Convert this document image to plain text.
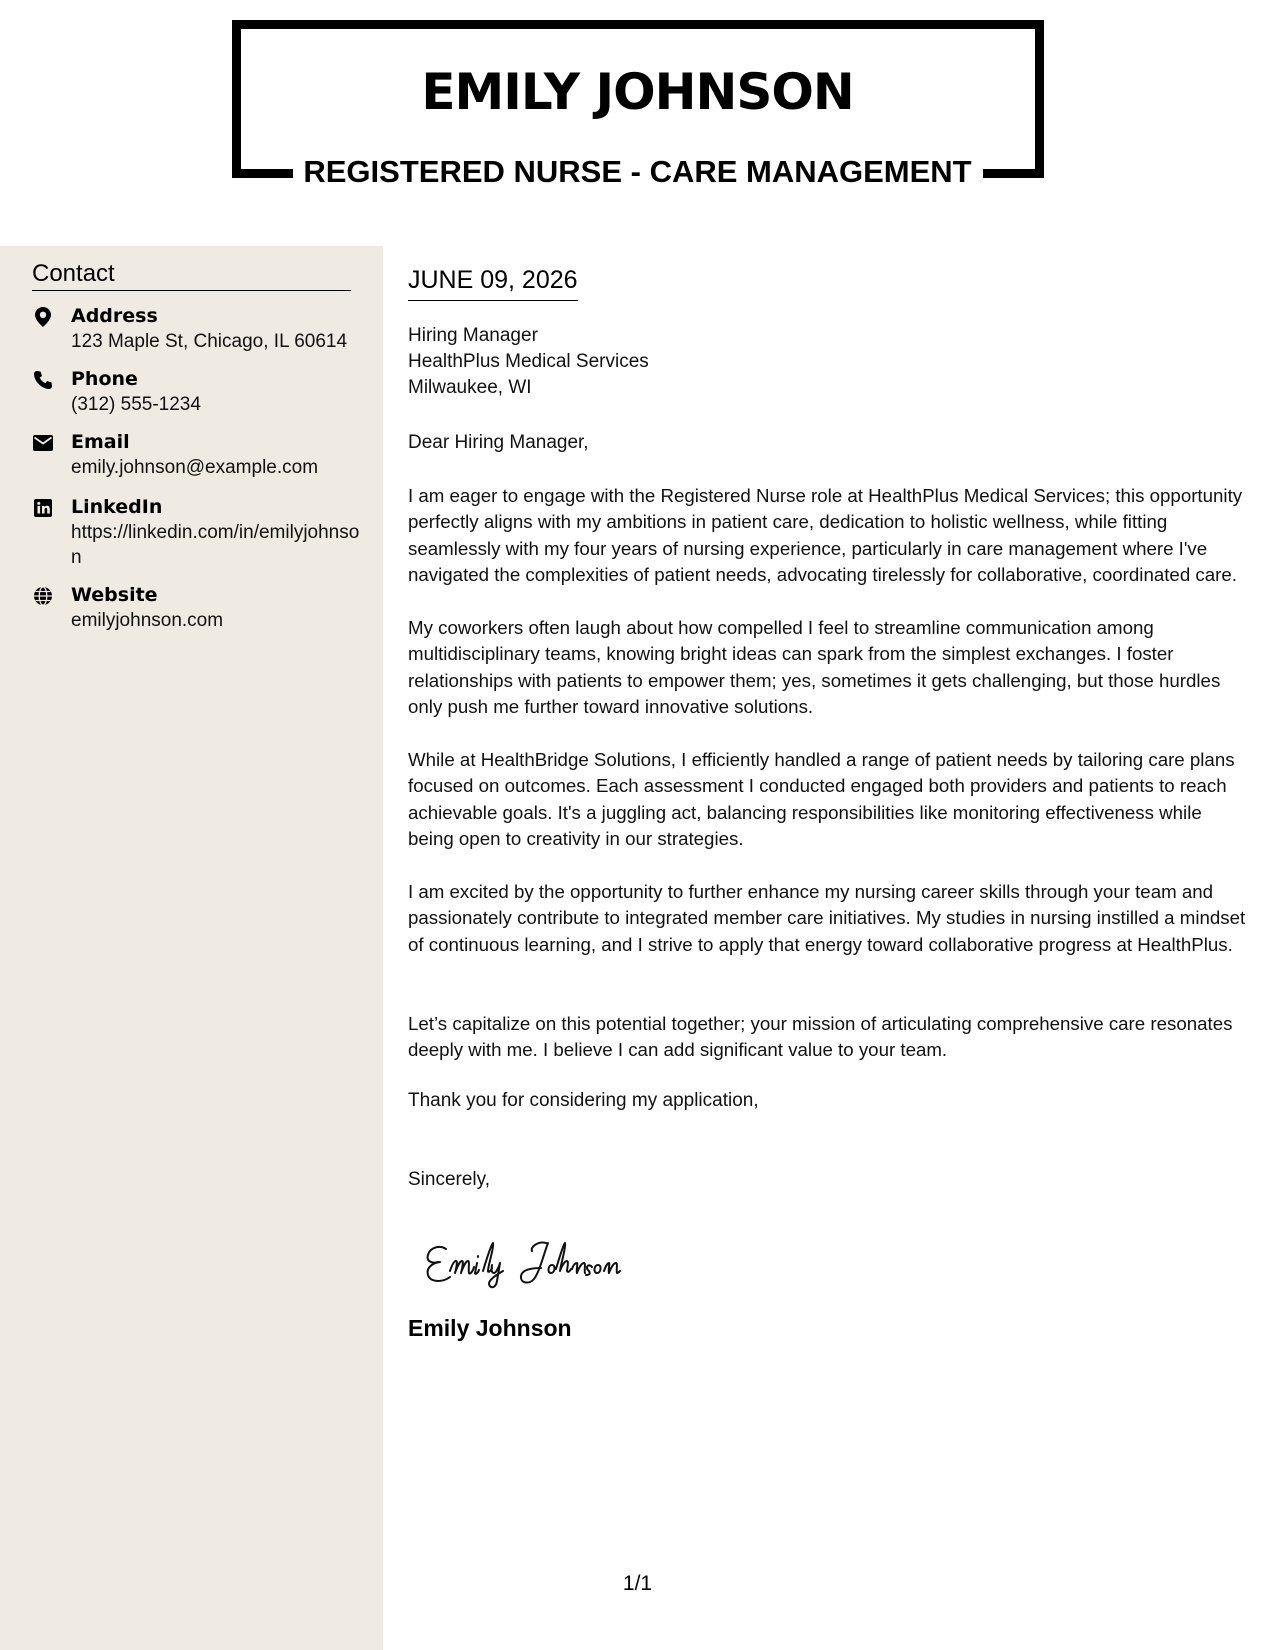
EMILY JOHNSON
REGISTERED NURSE - CARE MANAGEMENT
Contact
Address
123 Maple St, Chicago, IL 60614
Phone
(312) 555-1234
Email
emily.johnson@example.com
LinkedIn
https://linkedin.com/in/emilyjohnson
Website
emilyjohnson.com
JUNE 09, 2026
Hiring Manager
HealthPlus Medical Services
Milwaukee, WI
Dear Hiring Manager,
I am eager to engage with the Registered Nurse role at HealthPlus Medical Services; this opportunity perfectly aligns with my ambitions in patient care, dedication to holistic wellness, while fitting seamlessly with my four years of nursing experience, particularly in care management where I've navigated the complexities of patient needs, advocating tirelessly for collaborative, coordinated care.
My coworkers often laugh about how compelled I feel to streamline communication among multidisciplinary teams, knowing bright ideas can spark from the simplest exchanges. I foster relationships with patients to empower them; yes, sometimes it gets challenging, but those hurdles only push me further toward innovative solutions.
While at HealthBridge Solutions, I efficiently handled a range of patient needs by tailoring care plans focused on outcomes. Each assessment I conducted engaged both providers and patients to reach achievable goals. It's a juggling act, balancing responsibilities like monitoring effectiveness while being open to creativity in our strategies.
I am excited by the opportunity to further enhance my nursing career skills through your team and passionately contribute to integrated member care initiatives. My studies in nursing instilled a mindset of continuous learning, and I strive to apply that energy toward collaborative progress at HealthPlus.
Let’s capitalize on this potential together; your mission of articulating comprehensive care resonates deeply with me. I believe I can add significant value to your team.
Thank you for considering my application,
Sincerely,
Emily Johnson
1/1
